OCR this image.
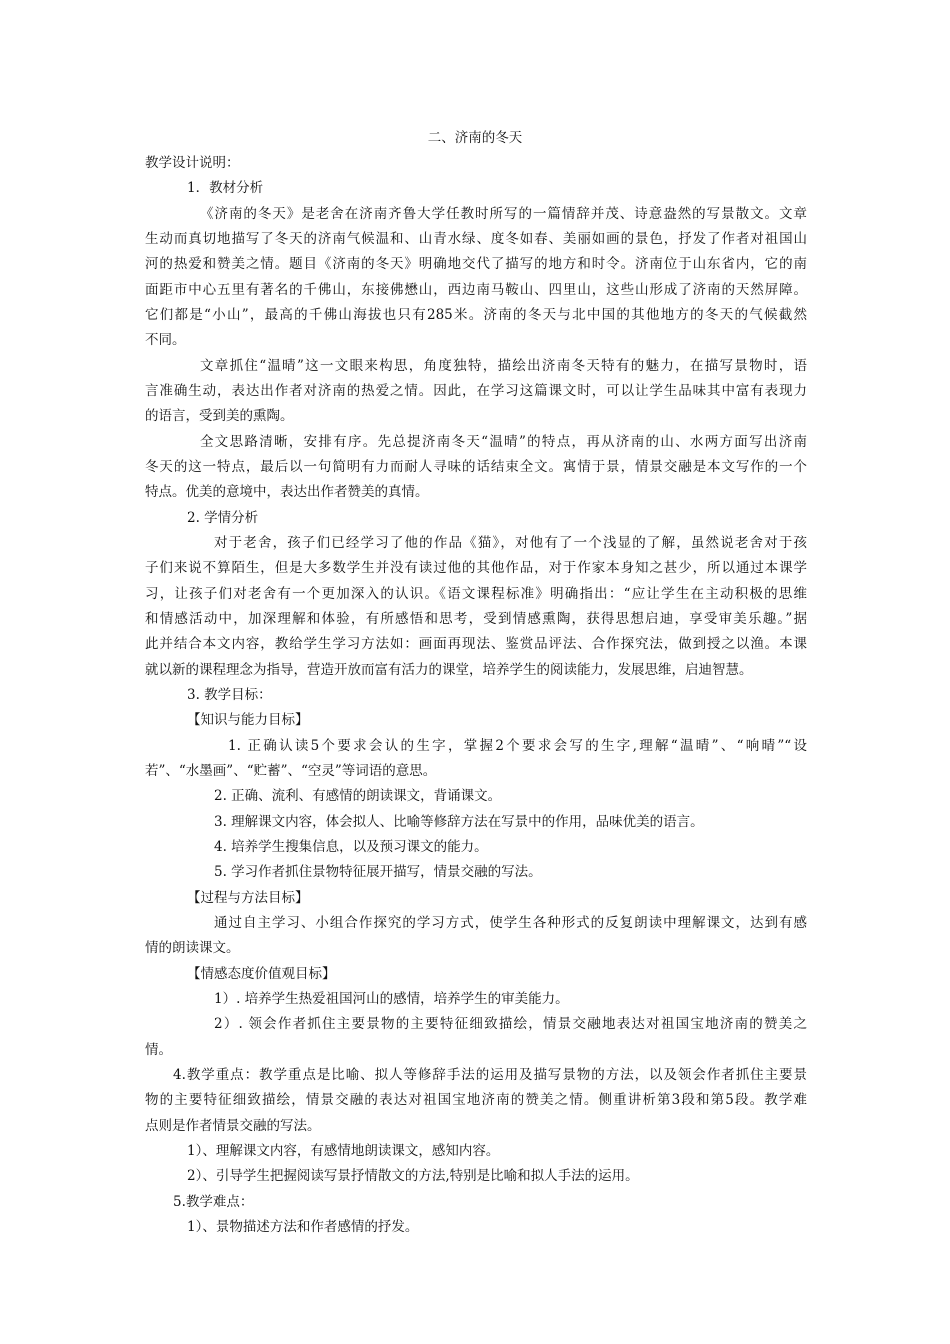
二、济南的冬天
教学设计说明：
1．教材分析
《济南的冬天》是老舍在济南齐鲁大学任教时所写的一篇情辞并茂、诗意盎然的写景散文。文章
生动而真切地描写了冬天的济南气候温和、山青水绿、度冬如春、美丽如画的景色，抒发了作者对祖国山
河的热爱和赞美之情。题目《济南的冬天》明确地交代了描写的地方和时令。济南位于山东省内，它的南
面距市中心五里有著名的千佛山，东接佛懋山，西边南马鞍山、四里山，这些山形成了济南的天然屏障。
它们都是“小山”，最高的千佛山海拔也只有285米。济南的冬天与北中国的其他地方的冬天的气候截然
不同。
文章抓住“温晴”这一文眼来构思，角度独特，描绘出济南冬天特有的魅力，在描写景物时，语
言准确生动，表达出作者对济南的热爱之情。因此，在学习这篇课文时，可以让学生品味其中富有表现力
的语言，受到美的熏陶。
全文思路清晰，安排有序。先总提济南冬天“温晴”的特点，再从济南的山、水两方面写出济南
冬天的这一特点，最后以一句简明有力而耐人寻味的话结束全文。寓情于景，情景交融是本文写作的一个
特点。优美的意境中，表达出作者赞美的真情。
2. 学情分析
对于老舍，孩子们已经学习了他的作品《猫》，对他有了一个浅显的了解，虽然说老舍对于孩
子们来说不算陌生，但是大多数学生并没有读过他的其他作品，对于作家本身知之甚少，所以通过本课学
习，让孩子们对老舍有一个更加深入的认识。《语文课程标准》明确指出：“应让学生在主动积极的思维
和情感活动中，加深理解和体验，有所感悟和思考，受到情感熏陶，获得思想启迪，享受审美乐趣。”据
此并结合本文内容，教给学生学习方法如：画面再现法、鉴赏品评法、合作探究法，做到授之以渔。本课
就以新的课程理念为指导，营造开放而富有活力的课堂，培养学生的阅读能力，发展思维，启迪智慧。
3. 教学目标：
【知识与能力目标】
1. 正确认读5个要求会认的生字，掌握2个要求会写的生字,理解“温晴”、“响晴”“设
若”、“水墨画”、“贮蓄”、“空灵”等词语的意思。
2. 正确、流利、有感情的朗读课文，背诵课文。
3. 理解课文内容，体会拟人、比喻等修辞方法在写景中的作用，品味优美的语言。
4. 培养学生搜集信息，以及预习课文的能力。
5. 学习作者抓住景物特征展开描写，情景交融的写法。
【过程与方法目标】
通过自主学习、小组合作探究的学习方式，使学生各种形式的反复朗读中理解课文，达到有感
情的朗读课文。
【情感态度价值观目标】
1）. 培养学生热爱祖国河山的感情，培养学生的审美能力。
2）. 领会作者抓住主要景物的主要特征细致描绘，情景交融地表达对祖国宝地济南的赞美之
情。
4.教学重点：教学重点是比喻、拟人等修辞手法的运用及描写景物的方法，以及领会作者抓住主要景
物的主要特征细致描绘，情景交融的表达对祖国宝地济南的赞美之情。侧重讲析第3段和第5段。教学难
点则是作者情景交融的写法。
1）、理解课文内容，有感情地朗读课文，感知内容。
2）、引导学生把握阅读写景抒情散文的方法,特别是比喻和拟人手法的运用。
5.教学难点：
1）、景物描述方法和作者感情的抒发。
